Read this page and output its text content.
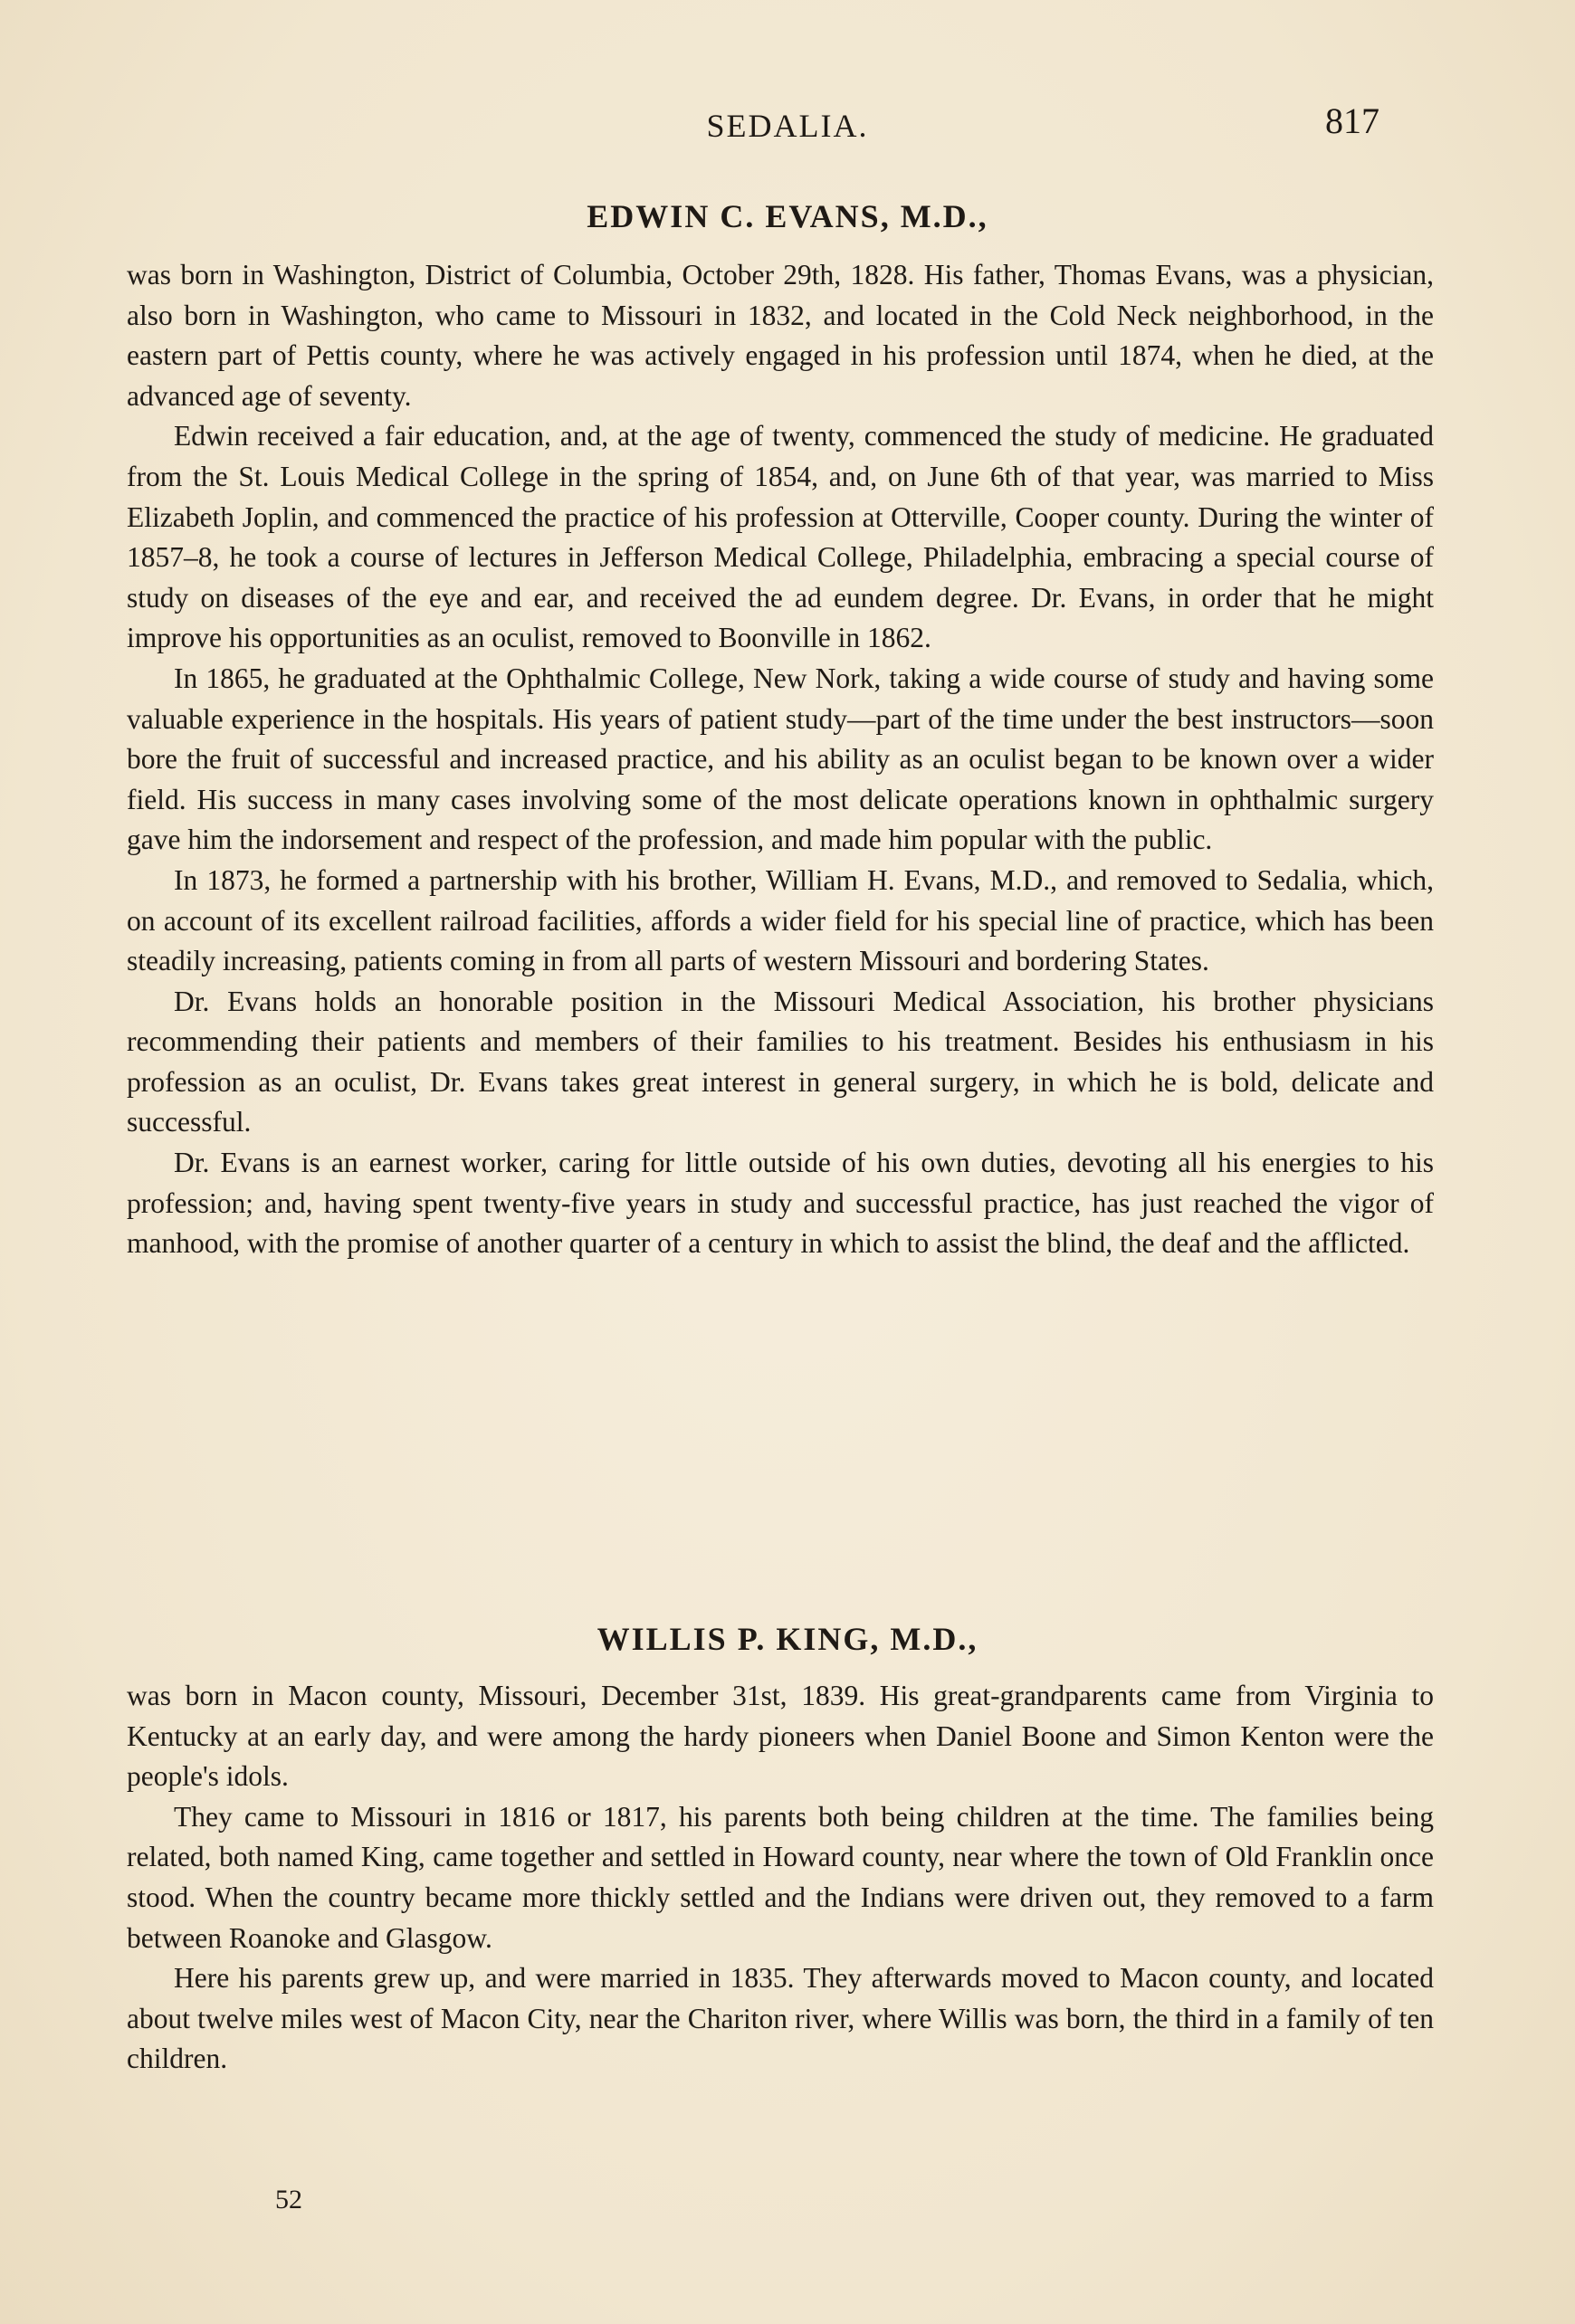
SEDALIA.	817
EDWIN C. EVANS, M.D.,

was born in Washington, District of Columbia, October 29th, 1828. His father, Thomas Evans, was a physician, also born in Washington, who came to Missouri in 1832, and located in the Cold Neck neighborhood, in the eastern part of Pettis county, where he was actively engaged in his profession until 1874, when he died, at the advanced age of seventy.

Edwin received a fair education, and, at the age of twenty, commenced the study of medicine. He graduated from the St. Louis Medical College in the spring of 1854, and, on June 6th of that year, was married to Miss Elizabeth Joplin, and commenced the practice of his profession at Otterville, Cooper county. During the winter of 1857–8, he took a course of lectures in Jefferson Medical College, Philadelphia, embracing a special course of study on diseases of the eye and ear, and received the ad eundem degree. Dr. Evans, in order that he might improve his opportunities as an oculist, removed to Boonville in 1862.

In 1865, he graduated at the Ophthalmic College, New Nork, taking a wide course of study and having some valuable experience in the hospitals. His years of patient study—part of the time under the best instructors—soon bore the fruit of successful and increased practice, and his ability as an oculist began to be known over a wider field. His success in many cases involving some of the most delicate operations known in ophthalmic surgery gave him the indorsement and respect of the profession, and made him popular with the public.

In 1873, he formed a partnership with his brother, William H. Evans, M.D., and removed to Sedalia, which, on account of its excellent railroad facilities, affords a wider field for his special line of practice, which has been steadily increasing, patients coming in from all parts of western Missouri and bordering States.

Dr. Evans holds an honorable position in the Missouri Medical Association, his brother physicians recommending their patients and members of their families to his treatment. Besides his enthusiasm in his profession as an oculist, Dr. Evans takes great interest in general surgery, in which he is bold, delicate and successful.

Dr. Evans is an earnest worker, caring for little outside of his own duties, devoting all his energies to his profession; and, having spent twenty-five years in study and successful practice, has just reached the vigor of manhood, with the promise of another quarter of a century in which to assist the blind, the deaf and the afflicted.

WILLIS P. KING, M.D.,

was born in Macon county, Missouri, December 31st, 1839. His great-grandparents came from Virginia to Kentucky at an early day, and were among the hardy pioneers when Daniel Boone and Simon Kenton were the people's idols.

They came to Missouri in 1816 or 1817, his parents both being children at the time. The families being related, both named King, came together and settled in Howard county, near where the town of Old Franklin once stood. When the country became more thickly settled and the Indians were driven out, they removed to a farm between Roanoke and Glasgow.

Here his parents grew up, and were married in 1835. They afterwards moved to Macon county, and located about twelve miles west of Macon City, near the Chariton river, where Willis was born, the third in a family of ten children.

52
